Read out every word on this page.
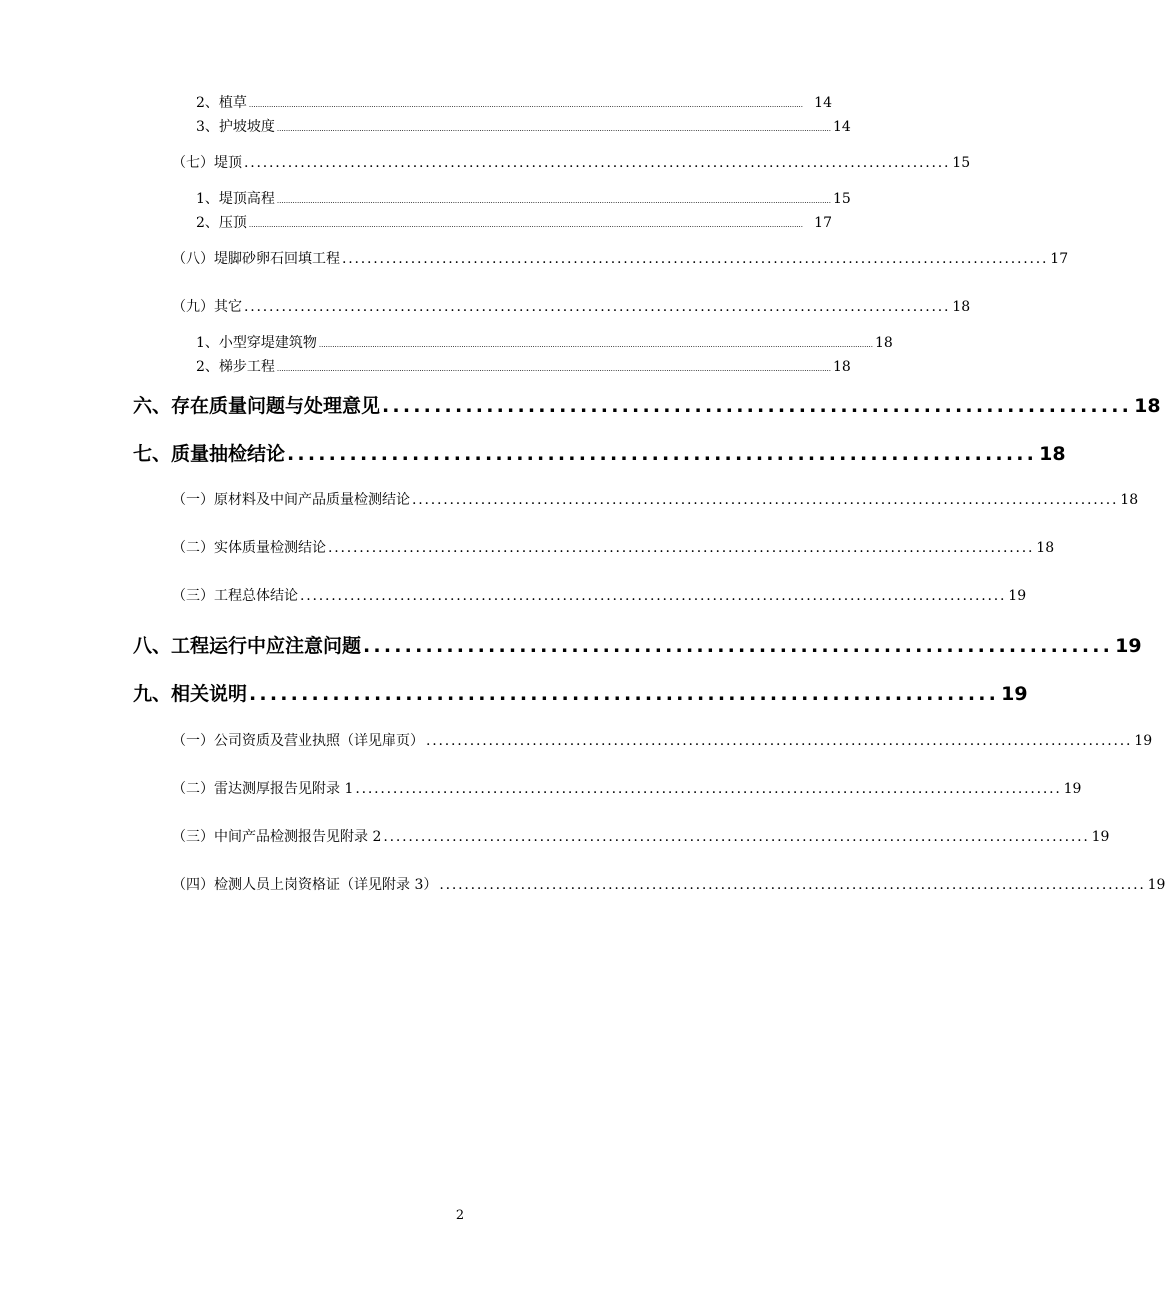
2、植草 ......................................................................................................................................................................................................................................................... 14
3、护坡坡度 ......................................................................................................................................................................................................................................................... 14
（七）堤顶 ................................................................................................................. 15
1、堤顶高程 ......................................................................................................................................................................................................................................................... 15
2、压顶 ......................................................................................................................................................................................................................................................... 17
（八）堤脚砂卵石回填工程 ................................................................................................................. 17
（九）其它 ................................................................................................................. 18
1、小型穿堤建筑物 ......................................................................................................................................................................................................................................................... 18
2、梯步工程 ......................................................................................................................................................................................................................................................... 18
六、存在质量问题与处理意见 ........................................................................ 18
七、质量抽检结论 ........................................................................ 18
（一）原材料及中间产品质量检测结论 ................................................................................................................. 18
（二）实体质量检测结论 ................................................................................................................. 18
（三）工程总体结论 ................................................................................................................. 19
八、工程运行中应注意问题 ........................................................................ 19
九、相关说明 ........................................................................ 19
（一）公司资质及营业执照（详见扉页） ................................................................................................................. 19
（二）雷达测厚报告见附录 1 ................................................................................................................. 19
（三）中间产品检测报告见附录 2 ................................................................................................................. 19
（四）检测人员上岗资格证（详见附录 3） ................................................................................................................. 19
2
